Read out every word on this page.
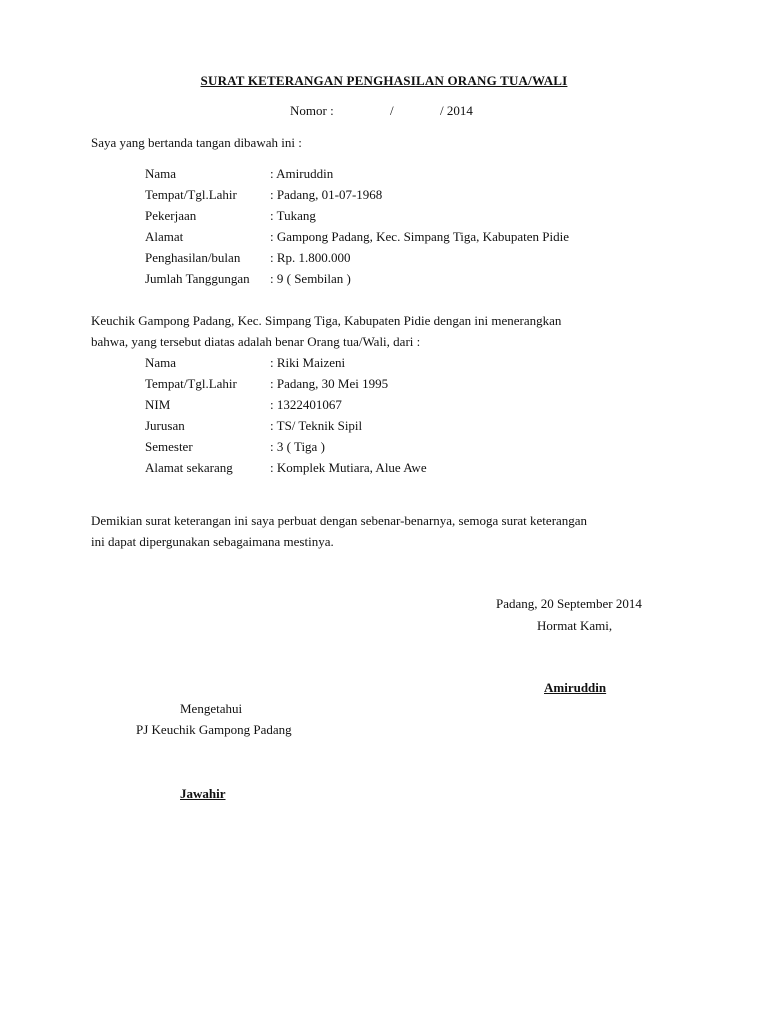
SURAT KETERANGAN PENGHASILAN ORANG TUA/WALI
Nomor :	/	/ 2014
Saya yang bertanda tangan dibawah ini :
Nama	: Amiruddin
Tempat/Tgl.Lahir	: Padang, 01-07-1968
Pekerjaan	: Tukang
Alamat	: Gampong Padang, Kec. Simpang Tiga, Kabupaten Pidie
Penghasilan/bulan : Rp. 1.800.000
Jumlah Tanggungan : 9 ( Sembilan )
Keuchik Gampong Padang, Kec. Simpang Tiga, Kabupaten Pidie dengan ini menerangkan
bahwa, yang tersebut diatas adalah benar Orang tua/Wali, dari :
Nama	: Riki Maizeni
Tempat/Tgl.Lahir	: Padang, 30 Mei 1995
NIM	: 1322401067
Jurusan	: TS/ Teknik Sipil
Semester	: 3 ( Tiga )
Alamat sekarang	: Komplek Mutiara, Alue Awe
Demikian surat keterangan ini saya perbuat dengan sebenar-benarnya, semoga surat keterangan
ini dapat dipergunakan sebagaimana mestinya.
Padang, 20 September 2014
Hormat Kami,
Amiruddin
Mengetahui
PJ Keuchik Gampong Padang
Jawahir
